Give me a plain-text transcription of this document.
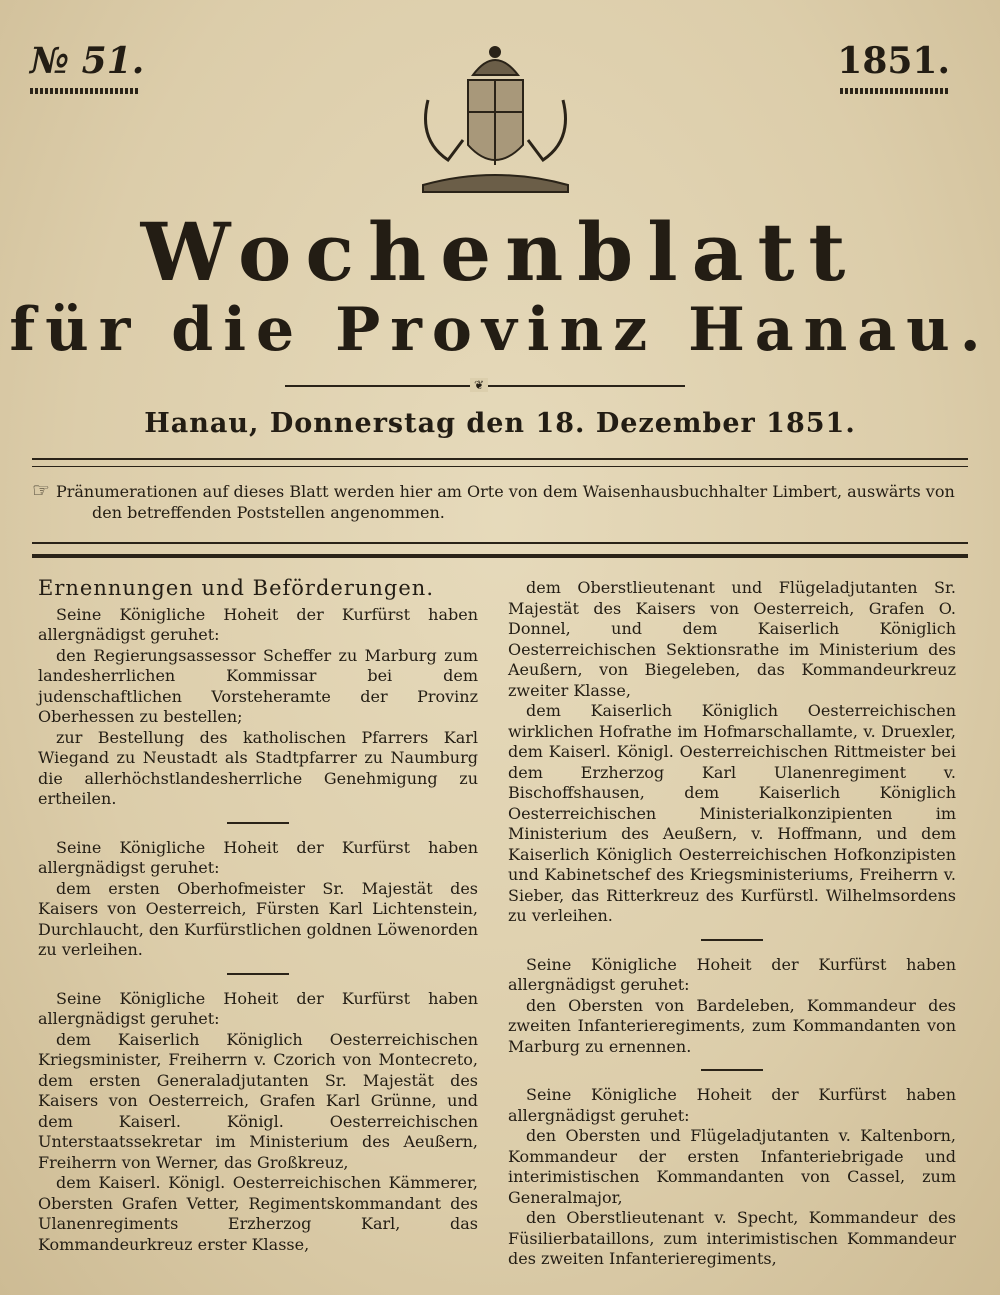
№ 51.	1851.
Wochenblatt
für die Provinz Hanau.
❦
Hanau, Donnerstag den 18. Dezember 1851.
☞ Pränumerationen auf dieses Blatt werden hier am Orte von dem Waisenhausbuchhalter Limbert, auswärts von den betreffenden Poststellen angenommen.
Ernennungen und Beförderungen.

Seine Königliche Hoheit der Kurfürst haben allergnädigst geruhet:

den Regierungsassessor Scheffer zu Marburg zum landesherrlichen Kommissar bei dem judenschaftlichen Vorsteheramte der Provinz Oberhessen zu bestellen;

zur Bestellung des katholischen Pfarrers Karl Wiegand zu Neustadt als Stadtpfarrer zu Naumburg die allerhöchstlandesherrliche Genehmigung zu ertheilen.

Seine Königliche Hoheit der Kurfürst haben allergnädigst geruhet:

dem ersten Oberhofmeister Sr. Majestät des Kaisers von Oesterreich, Fürsten Karl Lichtenstein, Durchlaucht, den Kurfürstlichen goldnen Löwenorden zu verleihen.

Seine Königliche Hoheit der Kurfürst haben allergnädigst geruhet:

dem Kaiserlich Königlich Oesterreichischen Kriegsminister, Freiherrn v. Czorich von Montecreto, dem ersten Generaladjutanten Sr. Majestät des Kaisers von Oesterreich, Grafen Karl Grünne, und dem Kaiserl. Königl. Oesterreichischen Unterstaatssekretar im Ministerium des Aeußern, Freiherrn von Werner, das Großkreuz,

dem Kaiserl. Königl. Oesterreichischen Kämmerer, Obersten Grafen Vetter, Regimentskommandant des Ulanenregiments Erzherzog Karl, das Kommandeurkreuz erster Klasse,

dem Oberstlieutenant und Flügeladjutanten Sr. Majestät des Kaisers von Oesterreich, Grafen O. Donnel, und dem Kaiserlich Königlich Oesterreichischen Sektionsrathe im Ministerium des Aeußern, von Biegeleben, das Kommandeurkreuz zweiter Klasse,

dem Kaiserlich Königlich Oesterreichischen wirklichen Hofrathe im Hofmarschallamte, v. Druexler, dem Kaiserl. Königl. Oesterreichischen Rittmeister bei dem Erzherzog Karl Ulanenregiment v. Bischoffshausen, dem Kaiserlich Königlich Oesterreichischen Ministerialkonzipienten im Ministerium des Aeußern, v. Hoffmann, und dem Kaiserlich Königlich Oesterreichischen Hofkonzipisten und Kabinetschef des Kriegsministeriums, Freiherrn v. Sieber, das Ritterkreuz des Kurfürstl. Wilhelmsordens zu verleihen.

Seine Königliche Hoheit der Kurfürst haben allergnädigst geruhet:

den Obersten von Bardeleben, Kommandeur des zweiten Infanterieregiments, zum Kommandanten von Marburg zu ernennen.

Seine Königliche Hoheit der Kurfürst haben allergnädigst geruhet:

den Obersten und Flügeladjutanten v. Kaltenborn, Kommandeur der ersten Infanteriebrigade und interimistischen Kommandanten von Cassel, zum Generalmajor,

den Oberstlieutenant v. Specht, Kommandeur des Füsilierbataillons, zum interimistischen Kommandeur des zweiten Infanterieregiments,
